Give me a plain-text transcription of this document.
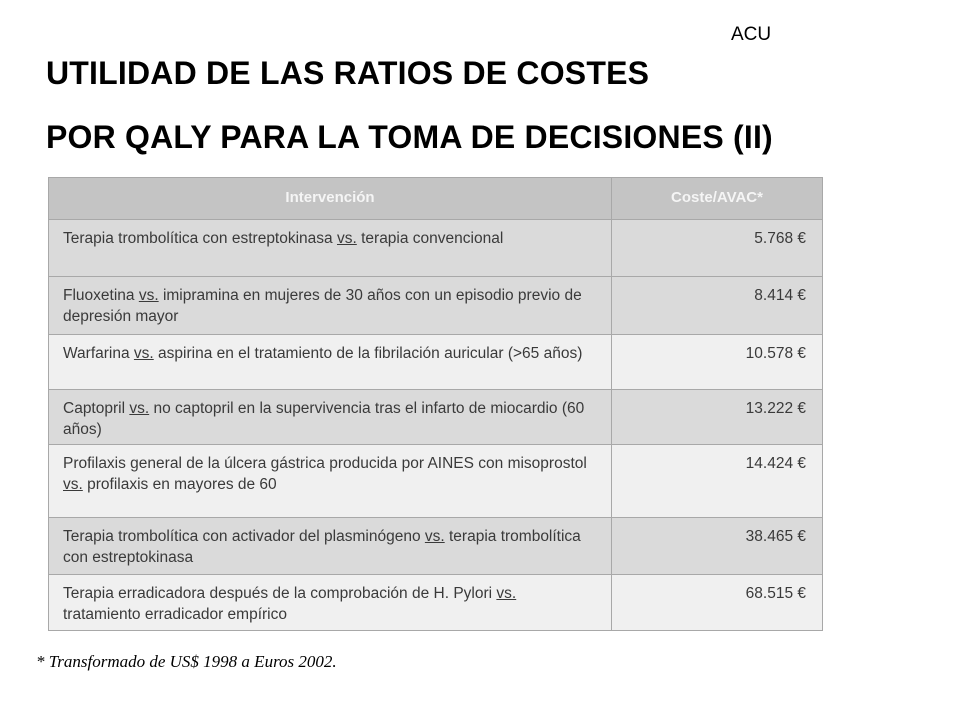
ACU
UTILIDAD DE LAS RATIOS DE COSTES
POR QALY PARA LA TOMA DE DECISIONES (II)
Intervención	Coste/AVAC*
Terapia trombolítica con estreptokinasa vs. terapia convencional	5.768 €
Fluoxetina vs. imipramina en mujeres de 30 años con un episodio previo de depresión mayor	8.414 €
Warfarina vs. aspirina en el tratamiento de la fibrilación auricular (>65 años)	10.578 €
Captopril vs. no captopril en la supervivencia tras el infarto de miocardio (60 años)	13.222 €
Profilaxis general de la úlcera gástrica producida por AINES con misoprostol vs. profilaxis en mayores de 60	14.424 €
Terapia trombolítica con activador del plasminógeno vs. terapia trombolítica con estreptokinasa	38.465 €
Terapia erradicadora después de la comprobación de H. Pylori vs. tratamiento erradicador empírico	68.515 €
* Transformado de US$ 1998 a Euros 2002.
